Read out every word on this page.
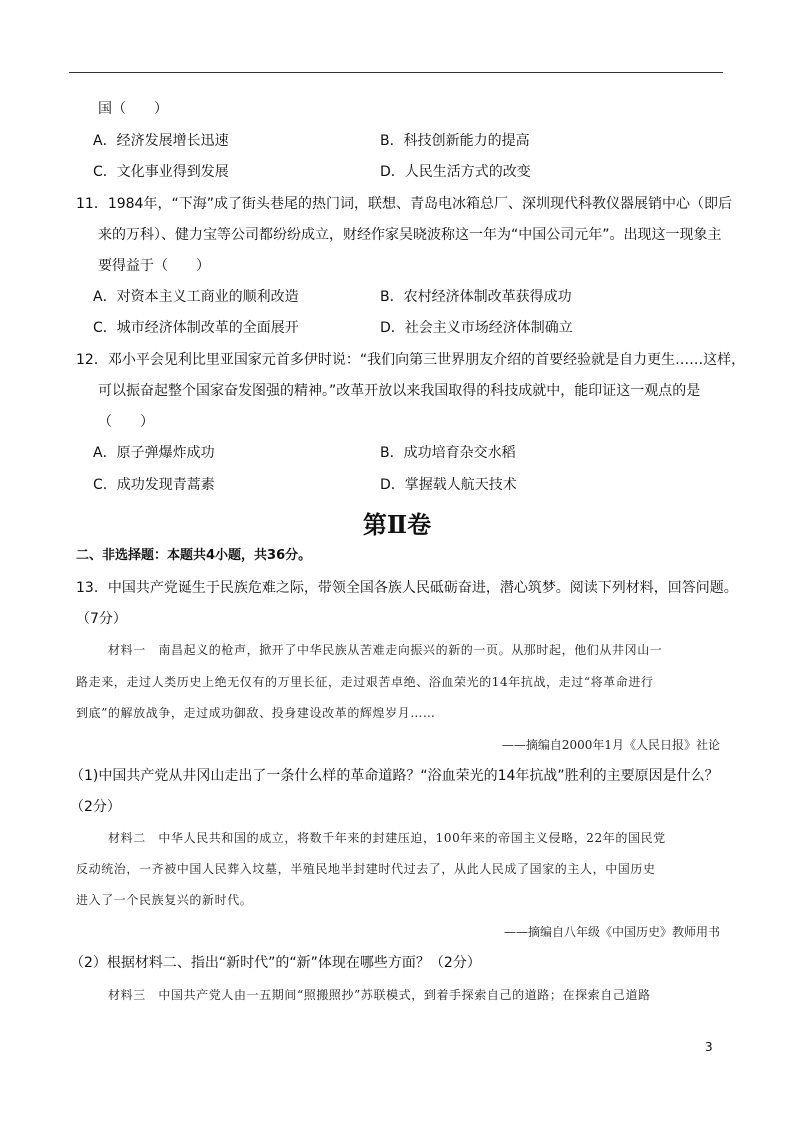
国（　　）
A．经济发展增长迅速	B．科技创新能力的提高
C．文化事业得到发展	D．人民生活方式的改变
11．1984年，“下海”成了街头巷尾的热门词，联想、青岛电冰箱总厂、深圳现代科教仪器展销中心（即后
来的万科）、健力宝等公司都纷纷成立，财经作家吴晓波称这一年为“中国公司元年”。出现这一现象主
要得益于（　　）
A．对资本主义工商业的顺利改造	B．农村经济体制改革获得成功
C．城市经济体制改革的全面展开	D．社会主义市场经济体制确立
12．邓小平会见利比里亚国家元首多伊时说：“我们向第三世界朋友介绍的首要经验就是自力更生……这样，
可以振奋起整个国家奋发图强的精神。”改革开放以来我国取得的科技成就中，能印证这一观点的是
（　　）
A．原子弹爆炸成功	B．成功培育杂交水稻
C．成功发现青蒿素	D．掌握载人航天技术
第Ⅱ卷
二、非选择题：本题共4小题，共36分。
13．中国共产党诞生于民族危难之际，带领全国各族人民砥砺奋进，潜心筑梦。阅读下列材料，回答问题。
（7分）
材料一　南昌起义的枪声，掀开了中华民族从苦难走向振兴的新的一页。从那时起，他们从井冈山一
路走来，走过人类历史上绝无仅有的万里长征，走过艰苦卓绝、浴血荣光的14年抗战，走过“将革命进行
到底”的解放战争，走过成功御敌、投身建设改革的辉煌岁月……
——摘编自2000年1月《人民日报》社论
（1)中国共产党从井冈山走出了一条什么样的革命道路？“浴血荣光的14年抗战”胜利的主要原因是什么？
（2分）
材料二　中华人民共和国的成立，将数千年来的封建压迫，100年来的帝国主义侵略，22年的国民党
反动统治，一齐被中国人民葬入坟墓，半殖民地半封建时代过去了，从此人民成了国家的主人，中国历史
进入了一个民族复兴的新时代。
——摘编自八年级《中国历史》教师用书
（2）根据材料二、指出“新时代”的“新”体现在哪些方面？（2分）
材料三　中国共产党人由一五期间“照搬照抄”苏联模式，到着手探索自己的道路；在探索自己道路
3
